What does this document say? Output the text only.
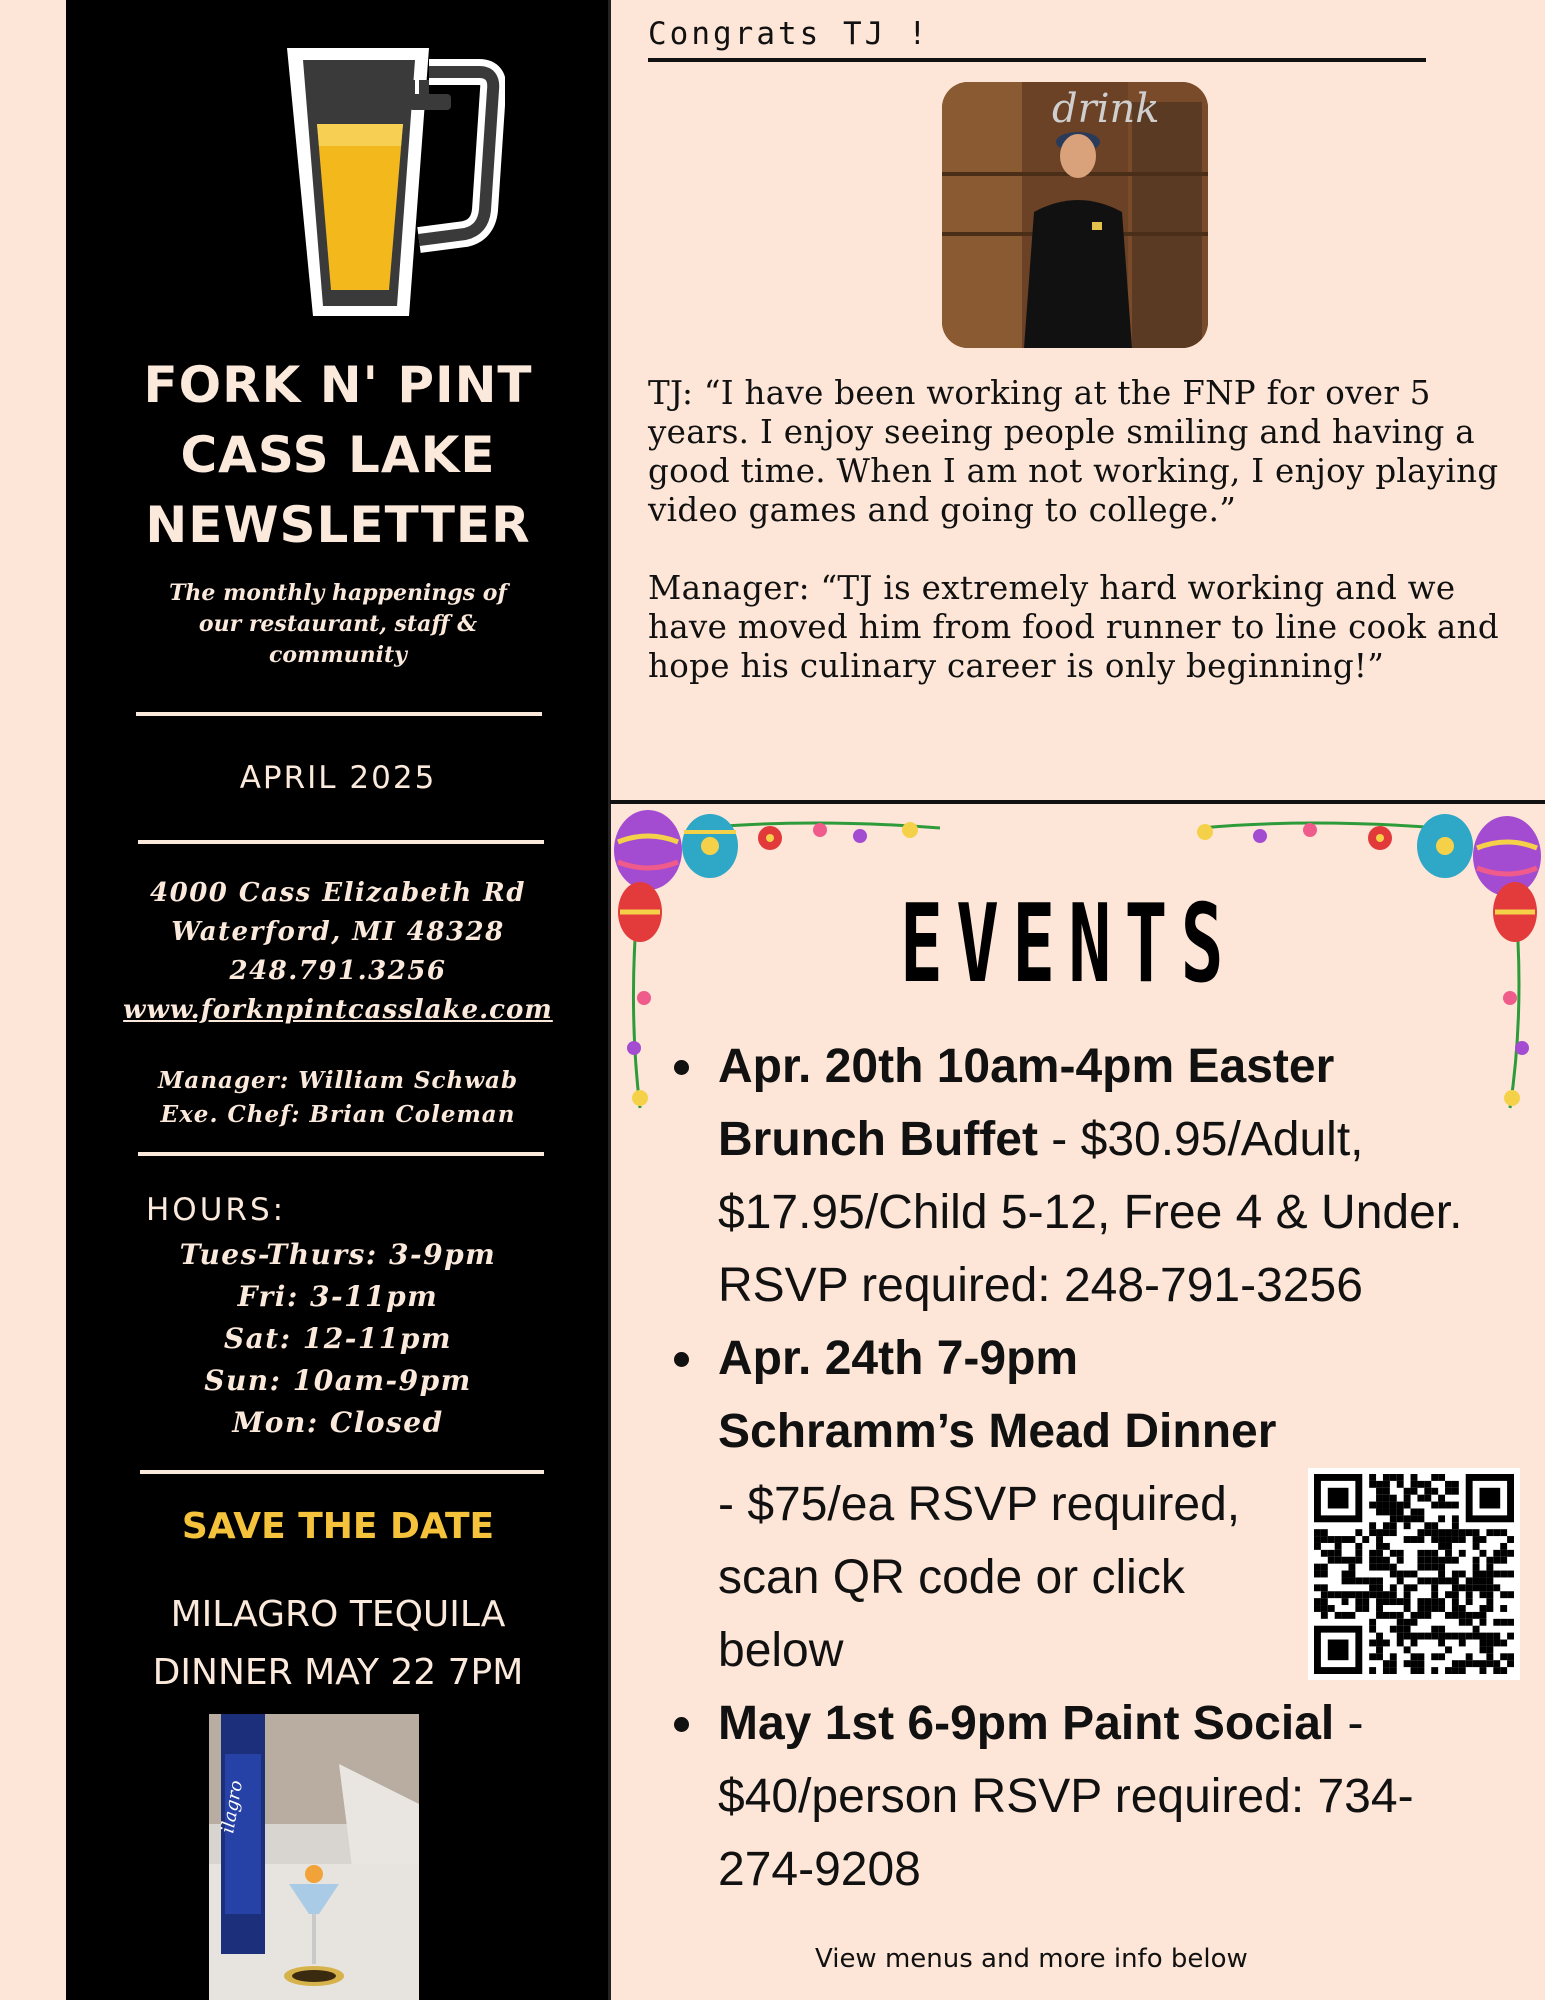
FORK N' PINT
CASS LAKE
NEWSLETTER
The monthly happenings of our restaurant, staff & community
APRIL 2025
4000 Cass Elizabeth Rd
Waterford, MI 48328
248.791.3256
www.forknpintcasslake.com
Manager: William Schwab
Exe. Chef: Brian Coleman
HOURS:
Tues-Thurs: 3-9pm
Fri: 3-11pm
Sat: 12-11pm
Sun: 10am-9pm
Mon: Closed
SAVE THE DATE
MILAGRO TEQUILA
DINNER MAY 22 7PM
ilagro
Congrats TJ !
drink

TJ: “I have been working at the FNP for over 5 years. I enjoy seeing people smiling and having a good time. When I am not working, I enjoy playing video games and going to college.”

Manager: “TJ is extremely hard working and we have moved him from food runner to line cook and hope his culinary career is only beginning!”

EVENTS
Apr. 20th 10am-4pm Easter Brunch Buffet - $30.95/Adult, $17.95/Child 5-12, Free 4 & Under. RSVP required: 248-791-3256
Apr. 24th 7-9pm Schramm’s Mead Dinner - $75/ea RSVP required, scan QR code or click below
May 1st 6-9pm Paint Social - $40/person RSVP required: 734-274-9208
View menus and more info below
